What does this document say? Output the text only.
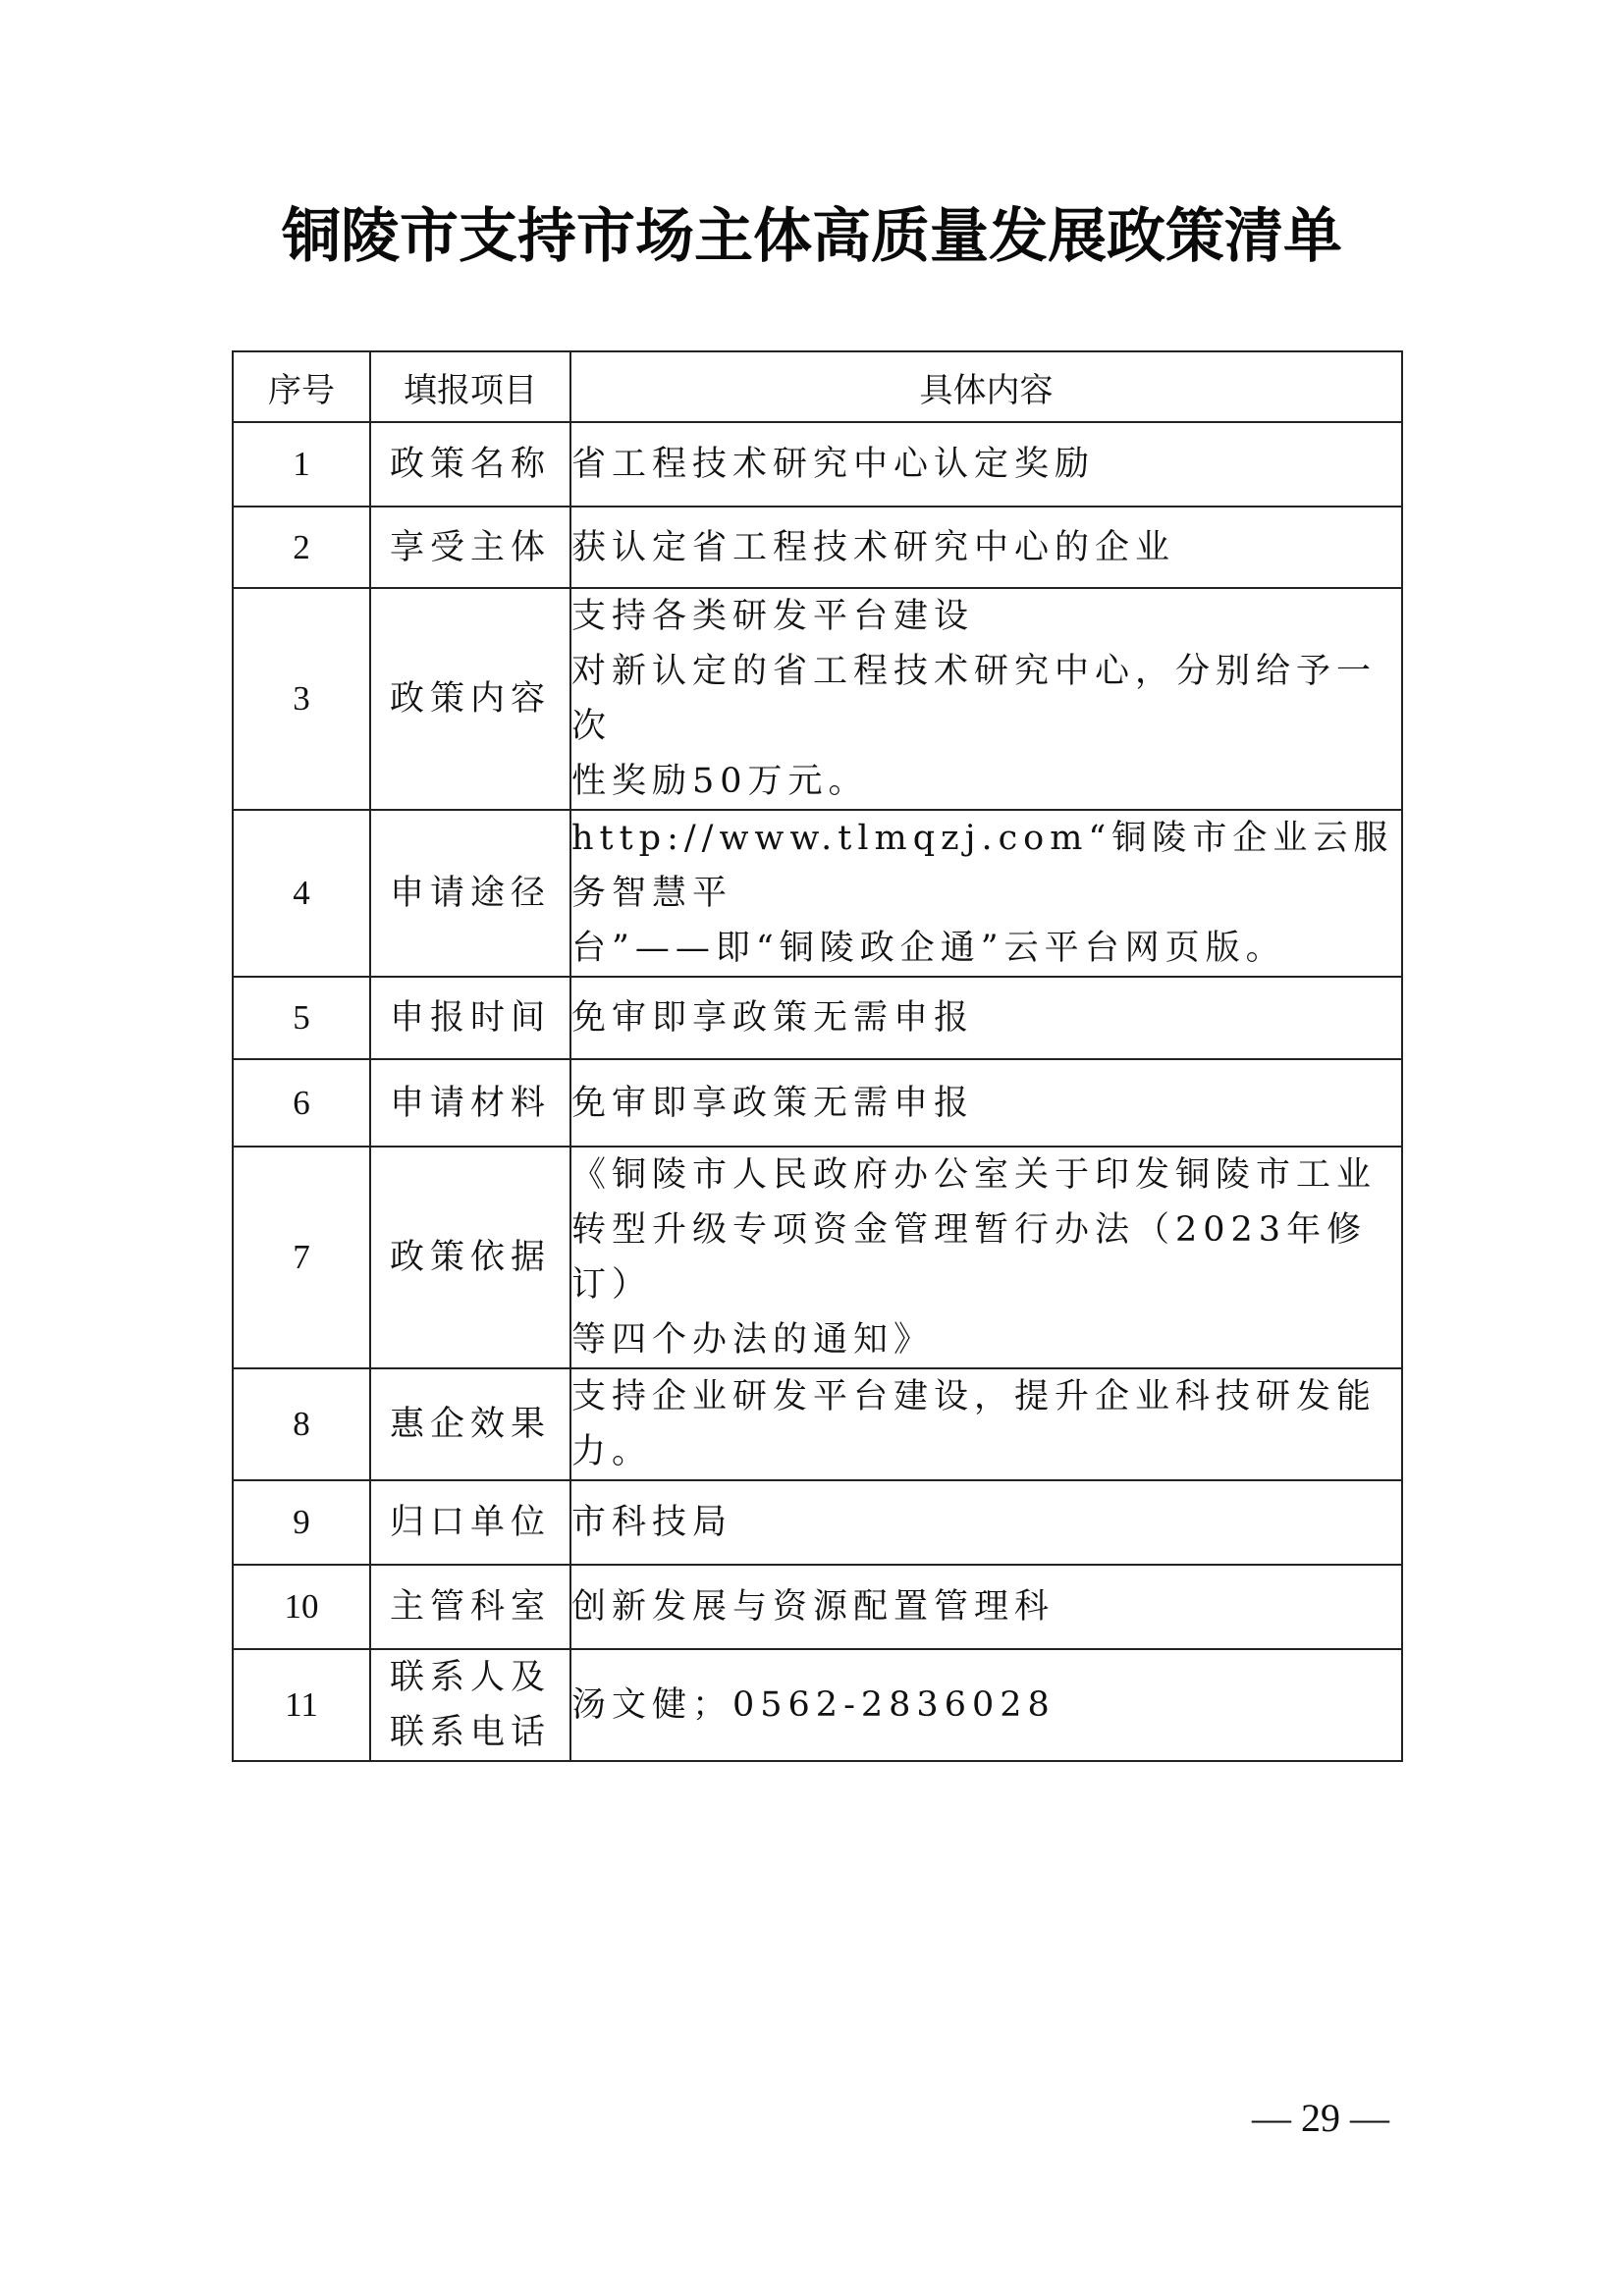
铜陵市支持市场主体高质量发展政策清单
序号	填报项目	具体内容
1	政策名称	省工程技术研究中心认定奖励

2	享受主体	获认定省工程技术研究中心的企业

3	政策内容	支持各类研发平台建设
对新认定的省工程技术研究中心，分别给予一次
性奖励50万元。

4	申请途径	http://www.tlmqzj.com“铜陵市企业云服务智慧平
台”——即“铜陵政企通”云平台网页版。

5	申报时间	免审即享政策无需申报

6	申请材料	免审即享政策无需申报

7	政策依据	《铜陵市人民政府办公室关于印发铜陵市工业
转型升级专项资金管理暂行办法（2023年修订）
等四个办法的通知》

8	惠企效果	支持企业研发平台建设，提升企业科技研发能
力。

9	归口单位	市科技局

10	主管科室	创新发展与资源配置管理科

11	联系人及
联系电话	汤文健；0562-2836028
— 29 —
